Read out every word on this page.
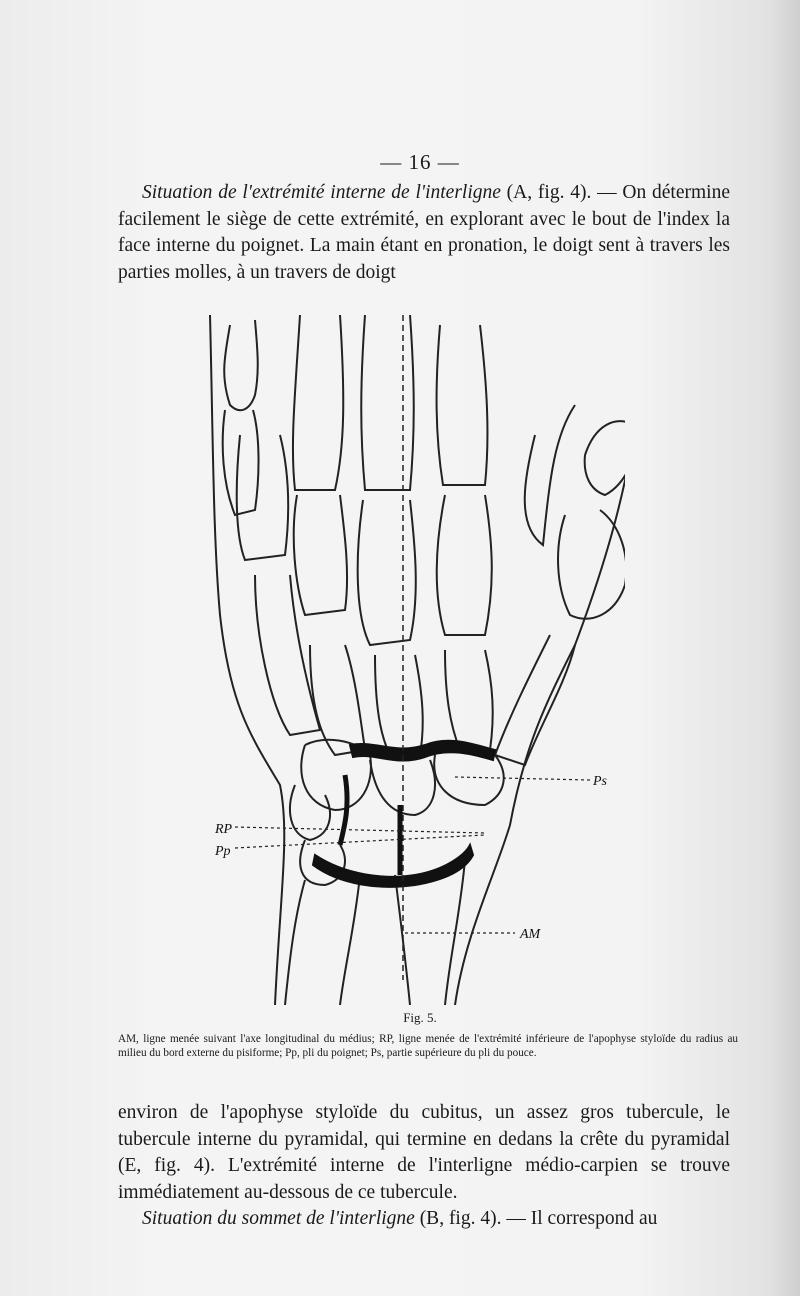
— 16 —

Situation de l'extrémité interne de l'interligne (A, fig. 4). — On détermine facilement le siège de cette extrémité, en explorant avec le bout de l'index la face interne du poignet. La main étant en pronation, le doigt sent à travers les parties molles, à un travers de doigt

Ps
RP
Pp
AM
Fig. 5.
AM, ligne menée suivant l'axe longitudinal du médius; RP, ligne menée de l'extrémité inférieure de l'apophyse styloïde du radius au milieu du bord externe du pisiforme; Pp, pli du poignet; Ps, partie supérieure du pli du pouce.

environ de l'apophyse styloïde du cubitus, un assez gros tubercule, le tubercule interne du pyramidal, qui termine en dedans la crête du pyramidal (E, fig. 4). L'extrémité interne de l'interligne médio-carpien se trouve immédiatement au-dessous de ce tubercule.

Situation du sommet de l'interligne (B, fig. 4). — Il correspond au
